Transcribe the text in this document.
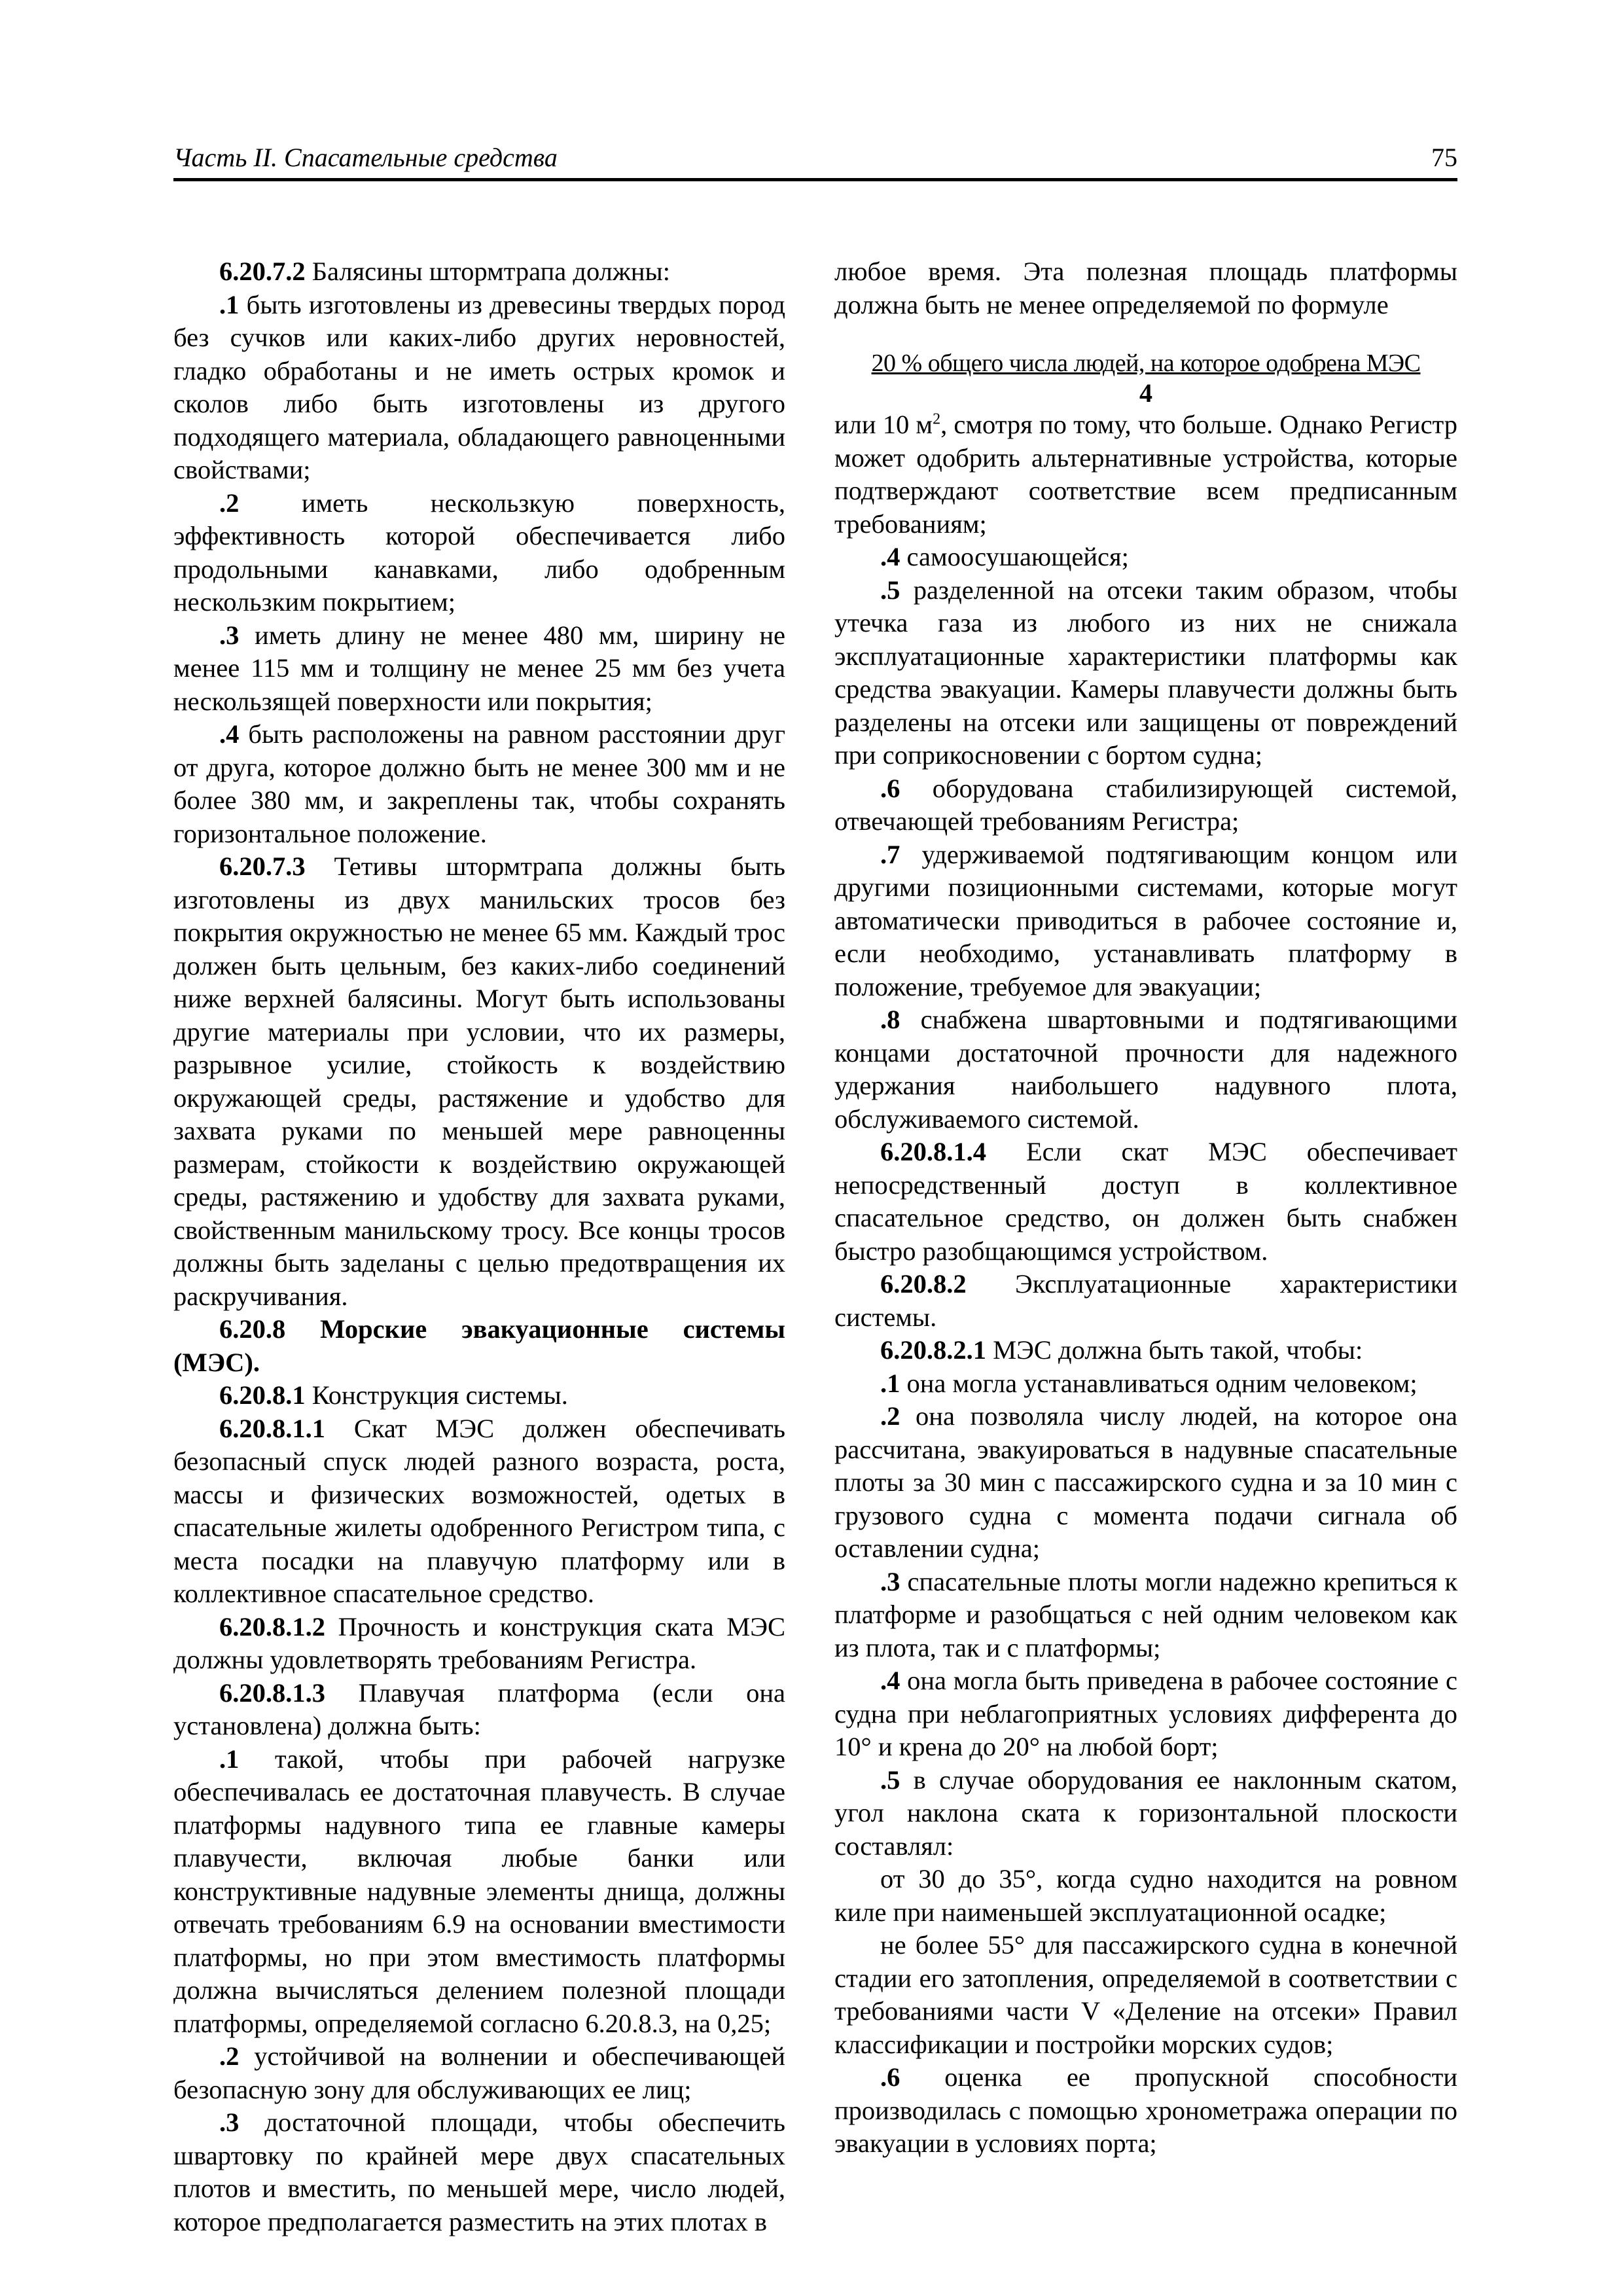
Часть II. Спасательные средства	75

6.20.7.2 Балясины штормтрапа должны:

.1 быть изготовлены из древесины твердых пород без сучков или каких-либо других неровностей, гладко обработаны и не иметь острых кромок и сколов либо быть изготовлены из другого подходящего материала, обладающего равноценными свойствами;

.2 иметь нескользкую поверхность, эффективность которой обеспечивается либо продольными канавками, либо одобренным нескользким покрытием;

.3 иметь длину не менее 480 мм, ширину не менее 115 мм и толщину не менее 25 мм без учета нескользящей поверхности или покрытия;

.4 быть расположены на равном расстоянии друг от друга, которое должно быть не менее 300 мм и не более 380 мм, и закреплены так, чтобы сохранять горизонтальное положение.

6.20.7.3 Тетивы штормтрапа должны быть изготовлены из двух манильских тросов без покрытия окружностью не менее 65 мм. Каждый трос должен быть цельным, без каких-либо соединений ниже верхней балясины. Могут быть использованы другие материалы при условии, что их размеры, разрывное усилие, стойкость к воздействию окружающей среды, растяжение и удобство для захвата руками по меньшей мере равноценны размерам, стойкости к воздействию окружающей среды, растяжению и удобству для захвата руками, свойственным манильскому тросу. Все концы тросов должны быть заделаны с целью предотвращения их раскручивания.

6.20.8 Морские эвакуационные системы (МЭС).

6.20.8.1 Конструкция системы.

6.20.8.1.1 Скат МЭС должен обеспечивать безопасный спуск людей разного возраста, роста, массы и физических возможностей, одетых в спасательные жилеты одобренного Регистром типа, с места посадки на плавучую платформу или в коллективное спасательное средство.

6.20.8.1.2 Прочность и конструкция ската МЭС должны удовлетворять требованиям Регистра.

6.20.8.1.3 Плавучая платформа (если она установлена) должна быть:

.1 такой, чтобы при рабочей нагрузке обеспечивалась ее достаточная плавучесть. В случае платформы надувного типа ее главные камеры плавучести, включая любые банки или конструктивные надувные элементы днища, должны отвечать требованиям 6.9 на основании вместимости платформы, но при этом вместимость платформы должна вычисляться делением полезной площади платформы, определяемой согласно 6.20.8.3, на 0,25;

.2 устойчивой на волнении и обеспечивающей безопасную зону для обслуживающих ее лиц;

.3 достаточной площади, чтобы обеспечить швартовку по крайней мере двух спасательных плотов и вместить, по меньшей мере, число людей, которое предполагается разместить на этих плотах в

любое время. Эта полезная площадь платформы должна быть не менее определяемой по формуле

20 % общего числа людей, на которое одобрена МЭС
4

или 10 $м^2$, смотря по тому, что больше. Однако Регистр может одобрить альтернативные устройства, которые подтверждают соответствие всем предписанным требованиям;

.4 самоосушающейся;

.5 разделенной на отсеки таким образом, чтобы утечка газа из любого из них не снижала эксплуатационные характеристики платформы как средства эвакуации. Камеры плавучести должны быть разделены на отсеки или защищены от повреждений при соприкосновении с бортом судна;

.6 оборудована стабилизирующей системой, отвечающей требованиям Регистра;

.7 удерживаемой подтягивающим концом или другими позиционными системами, которые могут автоматически приводиться в рабочее состояние и, если необходимо, устанавливать платформу в положение, требуемое для эвакуации;

.8 снабжена швартовными и подтягивающими концами достаточной прочности для надежного удержания наибольшего надувного плота, обслуживаемого системой.

6.20.8.1.4 Если скат МЭС обеспечивает непосредственный доступ в коллективное спасательное средство, он должен быть снабжен быстро разобщающимся устройством.

6.20.8.2 Эксплуатационные характеристики системы.

6.20.8.2.1 МЭС должна быть такой, чтобы:

.1 она могла устанавливаться одним человеком;

.2 она позволяла числу людей, на которое она рассчитана, эвакуироваться в надувные спасательные плоты за 30 мин с пассажирского судна и за 10 мин с грузового судна с момента подачи сигнала об оставлении судна;

.3 спасательные плоты могли надежно крепиться к платформе и разобщаться с ней одним человеком как из плота, так и с платформы;

.4 она могла быть приведена в рабочее состояние с судна при неблагоприятных условиях дифферента до 10° и крена до 20° на любой борт;

.5 в случае оборудования ее наклонным скатом, угол наклона ската к горизонтальной плоскости составлял:

от 30 до 35°, когда судно находится на ровном киле при наименьшей эксплуатационной осадке;

не более 55° для пассажирского судна в конечной стадии его затопления, определяемой в соответствии с требованиями части V «Деление на отсеки» Правил классификации и постройки морских судов;

.6 оценка ее пропускной способности производилась с помощью хронометража операции по эвакуации в условиях порта;
